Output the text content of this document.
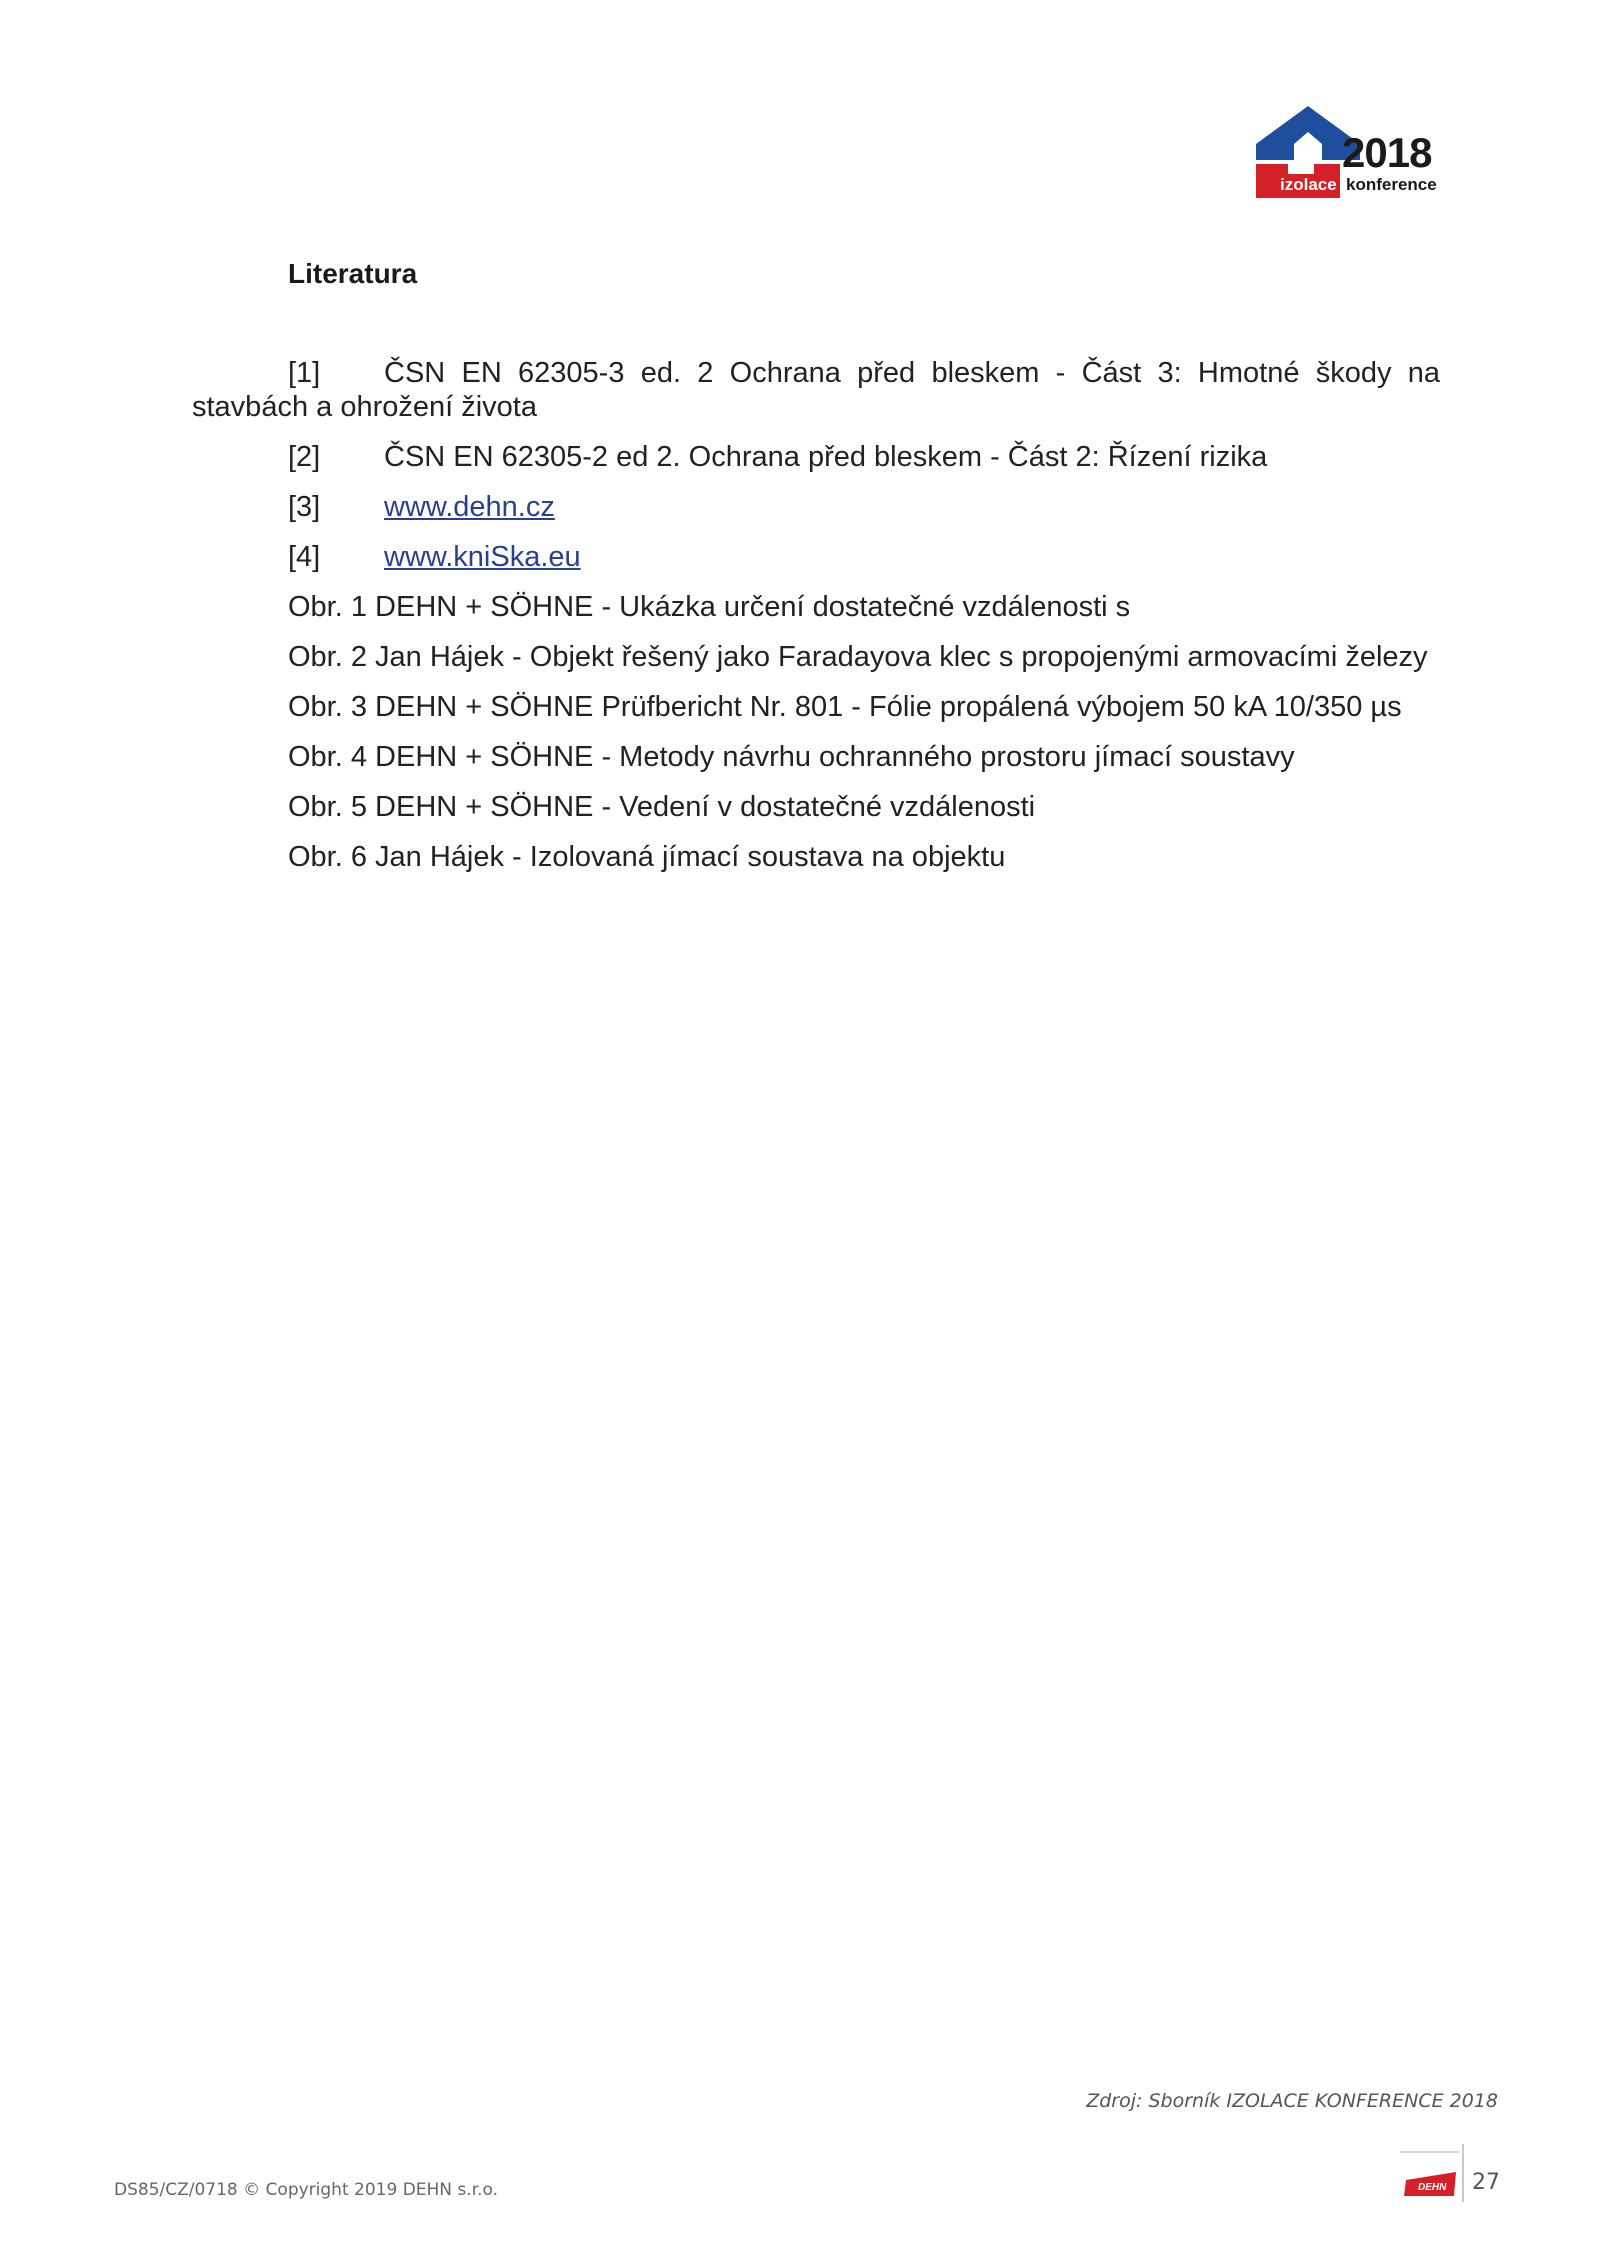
2018
izolace konference
Literatura

[1] ČSN EN 62305-3 ed. 2 Ochrana před bleskem - Část 3: Hmotné škody na stavbách a ohrožení života

[2] ČSN EN 62305-2 ed 2. Ochrana před bleskem - Část 2: Řízení rizika
[3] www.dehn.cz
[4] www.kniSka.eu
Obr. 1 DEHN + SÖHNE - Ukázka určení dostatečné vzdálenosti s
Obr. 2 Jan Hájek - Objekt řešený jako Faradayova klec s propojenými armovacími železy
Obr. 3 DEHN + SÖHNE Prüfbericht Nr. 801 - Fólie propálená výbojem 50 kA 10/350 µs
Obr. 4 DEHN + SÖHNE - Metody návrhu ochranného prostoru jímací soustavy
Obr. 5 DEHN + SÖHNE - Vedení v dostatečné vzdálenosti
Obr. 6 Jan Hájek - Izolovaná jímací soustava na objektu
Zdroj: Sborník IZOLACE KONFERENCE 2018
DS85/CZ/0718 © Copyright 2019 DEHN s.r.o.	DEHN 27
